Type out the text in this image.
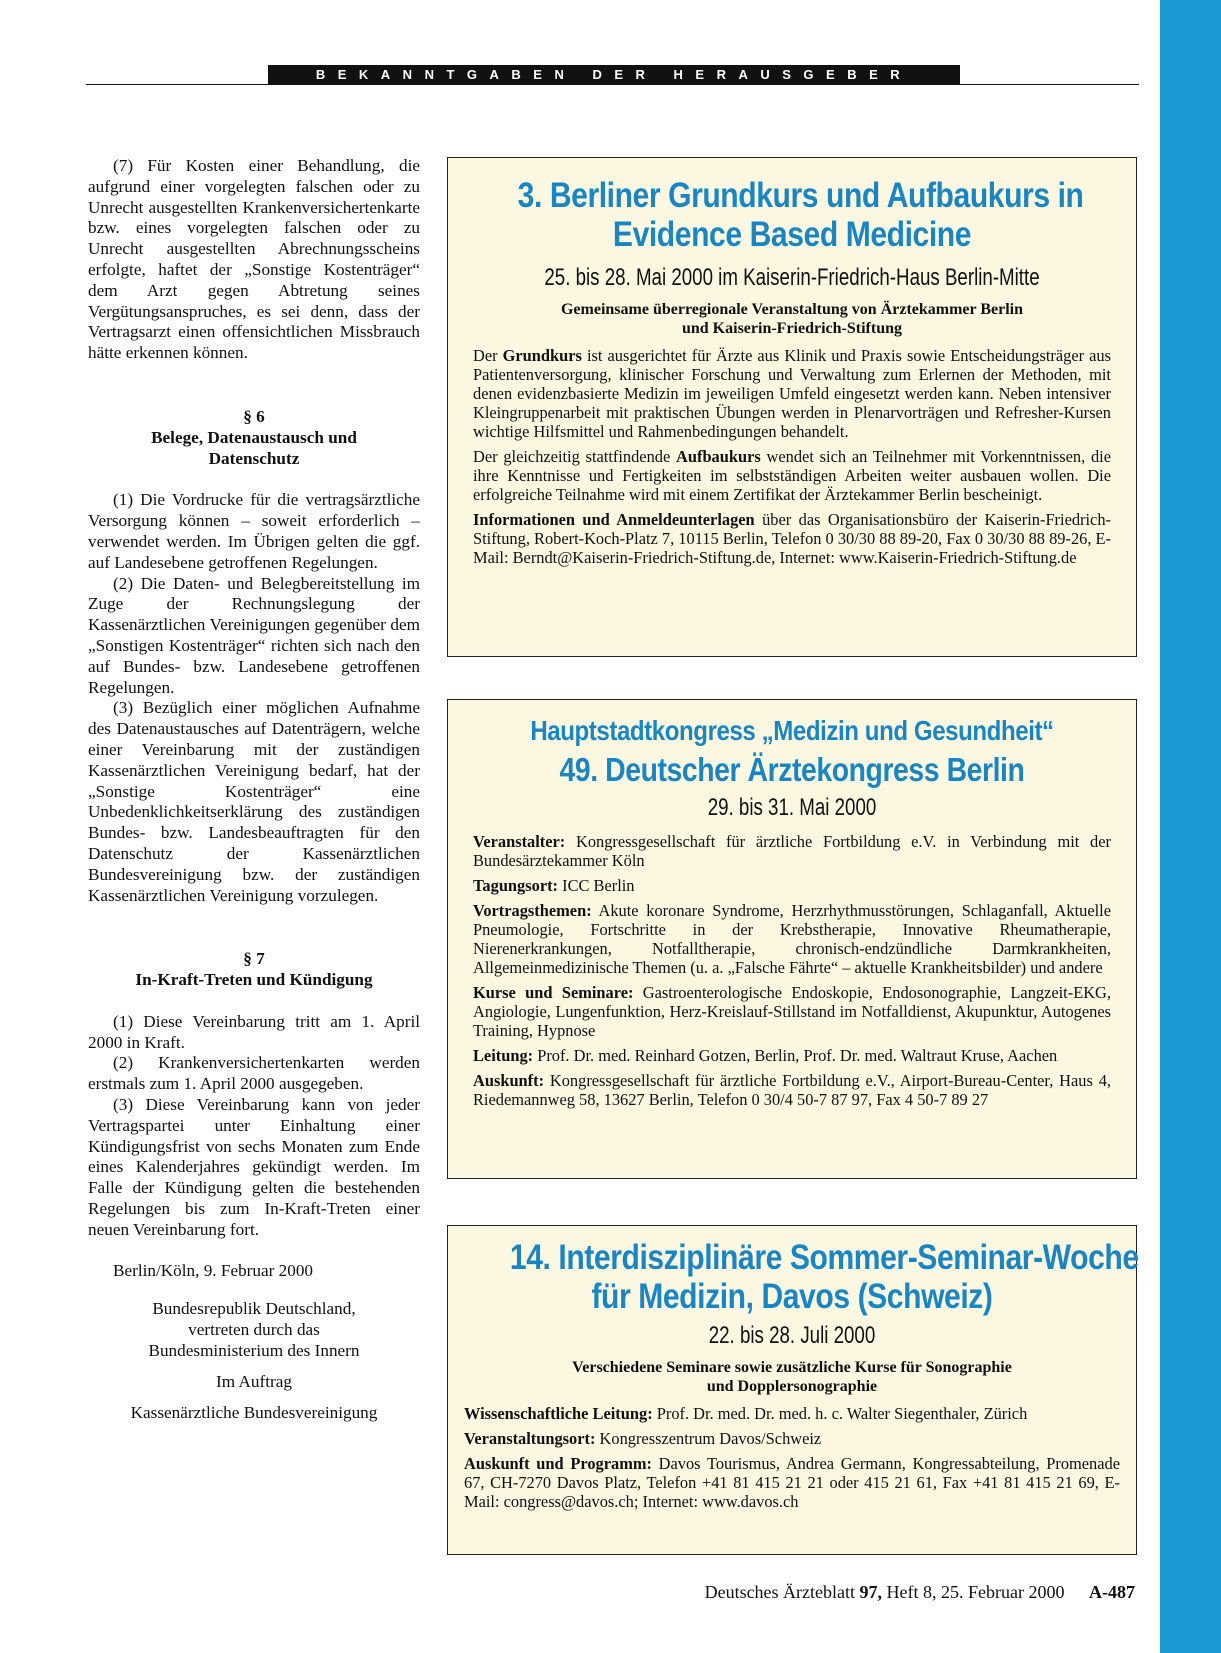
BEKANNTGABEN DER HERAUSGEBER

(7) Für Kosten einer Behandlung, die aufgrund einer vorgelegten falschen oder zu Unrecht ausgestellten Krankenversichertenkarte bzw. eines vorgelegten falschen oder zu Unrecht ausgestellten Abrechnungsscheins erfolgte, haftet der „Sonstige Kostenträger“ dem Arzt gegen Abtretung seines Vergütungsanspruches, es sei denn, dass der Vertragsarzt einen offensichtlichen Missbrauch hätte erkennen können.

§ 6
Belege, Datenaustausch und Datenschutz

(1) Die Vordrucke für die vertragsärztliche Versorgung können – soweit erforderlich – verwendet werden. Im Übrigen gelten die ggf. auf Landesebene getroffenen Regelungen.

(2) Die Daten- und Belegbereitstellung im Zuge der Rechnungslegung der Kassenärztlichen Vereinigungen gegenüber dem „Sonstigen Kostenträger“ richten sich nach den auf Bundes- bzw. Landesebene getroffenen Regelungen.

(3) Bezüglich einer möglichen Aufnahme des Datenaustausches auf Datenträgern, welche einer Vereinbarung mit der zuständigen Kassenärztlichen Vereinigung bedarf, hat der „Sonstige Kostenträger“ eine Unbedenklichkeitserklärung des zuständigen Bundes- bzw. Landesbeauftragten für den Datenschutz der Kassenärztlichen Bundesvereinigung bzw. der zuständigen Kassenärztlichen Vereinigung vorzulegen.

§ 7
In-Kraft-Treten und Kündigung

(1) Diese Vereinbarung tritt am 1. April 2000 in Kraft.

(2) Krankenversichertenkarten werden erstmals zum 1. April 2000 ausgegeben.

(3) Diese Vereinbarung kann von jeder Vertragspartei unter Einhaltung einer Kündigungsfrist von sechs Monaten zum Ende eines Kalenderjahres gekündigt werden. Im Falle der Kündigung gelten die bestehenden Regelungen bis zum In-Kraft-Treten einer neuen Vereinbarung fort.

Berlin/Köln, 9. Februar 2000

Bundesrepublik Deutschland,

vertreten durch das

Bundesministerium des Innern

Im Auftrag

Kassenärztliche Bundesvereinigung

3. Berliner Grundkurs und Aufbaukurs in
Evidence Based Medicine
25. bis 28. Mai 2000 im Kaiserin-Friedrich-Haus Berlin-Mitte
Gemeinsame überregionale Veranstaltung von Ärztekammer Berlin
und Kaiserin-Friedrich-Stiftung

Der Grundkurs ist ausgerichtet für Ärzte aus Klinik und Praxis sowie Entscheidungsträger aus Patientenversorgung, klinischer Forschung und Verwaltung zum Erlernen der Methoden, mit denen evidenzbasierte Medizin im jeweiligen Umfeld eingesetzt werden kann. Neben intensiver Kleingruppenarbeit mit praktischen Übungen werden in Plenarvorträgen und Refresher-Kursen wichtige Hilfsmittel und Rahmenbedingungen behandelt.

Der gleichzeitig stattfindende Aufbaukurs wendet sich an Teilnehmer mit Vorkenntnissen, die ihre Kenntnisse und Fertigkeiten im selbstständigen Arbeiten weiter ausbauen wollen. Die erfolgreiche Teilnahme wird mit einem Zertifikat der Ärztekammer Berlin bescheinigt.

Informationen und Anmeldeunterlagen über das Organisationsbüro der Kaiserin-Friedrich-Stiftung, Robert-Koch-Platz 7, 10115 Berlin, Telefon 0 30/30 88 89-20, Fax 0 30/30 88 89-26, E-Mail: Berndt@Kaiserin-Friedrich-Stiftung.de, Internet: www.Kaiserin-Friedrich-Stiftung.de

Hauptstadtkongress „Medizin und Gesundheit“
49. Deutscher Ärztekongress Berlin
29. bis 31. Mai 2000

Veranstalter: Kongressgesellschaft für ärztliche Fortbildung e.V. in Verbindung mit der Bundesärztekammer Köln

Tagungsort: ICC Berlin

Vortragsthemen: Akute koronare Syndrome, Herzrhythmusstörungen, Schlaganfall, Aktuelle Pneumologie, Fortschritte in der Krebstherapie, Innovative Rheumatherapie, Nierenerkrankungen, Notfalltherapie, chronisch-endzündliche Darmkrankheiten, Allgemeinmedizinische Themen (u. a. „Falsche Fährte“ – aktuelle Krankheitsbilder) und andere

Kurse und Seminare: Gastroenterologische Endoskopie, Endosonographie, Langzeit-EKG, Angiologie, Lungenfunktion, Herz-Kreislauf-Stillstand im Notfalldienst, Akupunktur, Autogenes Training, Hypnose

Leitung: Prof. Dr. med. Reinhard Gotzen, Berlin, Prof. Dr. med. Waltraut Kruse, Aachen

Auskunft: Kongressgesellschaft für ärztliche Fortbildung e.V., Airport-Bureau-Center, Haus 4, Riedemannweg 58, 13627 Berlin, Telefon 0 30/4 50-7 87 97, Fax 4 50-7 89 27

14. Interdisziplinäre Sommer-Seminar-Woche
für Medizin, Davos (Schweiz)
22. bis 28. Juli 2000
Verschiedene Seminare sowie zusätzliche Kurse für Sonographie
und Dopplersonographie

Wissenschaftliche Leitung: Prof. Dr. med. Dr. med. h. c. Walter Siegenthaler, Zürich

Veranstaltungsort: Kongresszentrum Davos/Schweiz

Auskunft und Programm: Davos Tourismus, Andrea Germann, Kongressabteilung, Promenade 67, CH-7270 Davos Platz, Telefon +41 81 415 21 21 oder 415 21 61, Fax +41 81 415 21 69, E-Mail: congress@davos.ch; Internet: www.davos.ch

Deutsches Ärzteblatt 97, Heft 8, 25. Februar 2000 A-487
